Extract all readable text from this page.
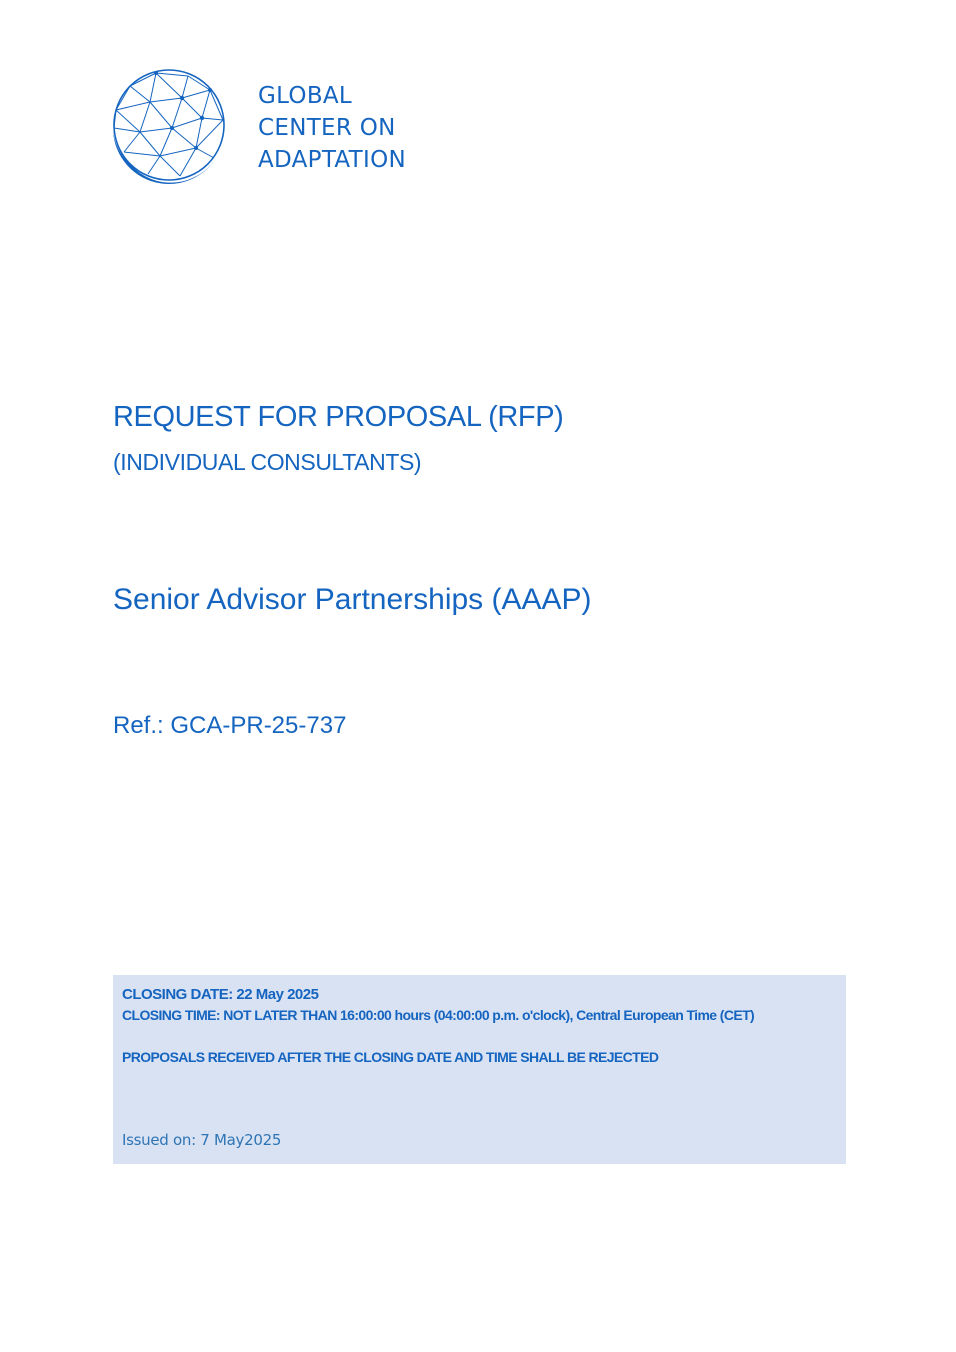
GLOBAL
CENTER ON
ADAPTATION
REQUEST FOR PROPOSAL (RFP)
(INDIVIDUAL CONSULTANTS)
Senior Advisor Partnerships (AAAP)
Ref.: GCA-PR-25-737
CLOSING DATE: 22 May 2025
CLOSING TIME: NOT LATER THAN 16:00:00 hours (04:00:00 p.m. o'clock), Central European Time (CET)
PROPOSALS RECEIVED AFTER THE CLOSING DATE AND TIME SHALL BE REJECTED
Issued on: 7 May2025
